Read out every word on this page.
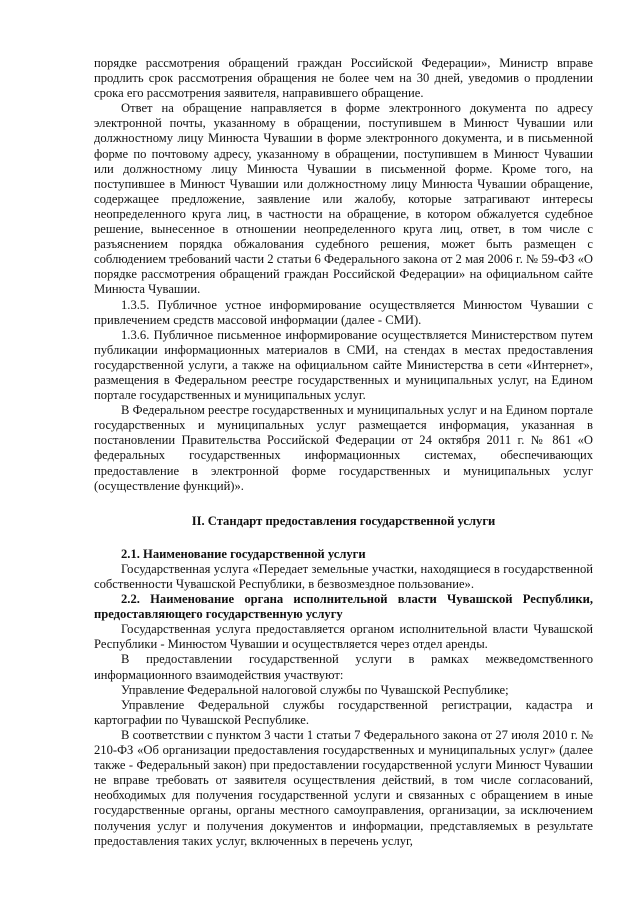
порядке рассмотрения обращений граждан Российской Федерации», Министр вправе продлить срок рассмотрения обращения не более чем на 30 дней, уведомив о продлении срока его рассмотрения заявителя, направившего обращение.

Ответ на обращение направляется в форме электронного документа по адресу электронной почты, указанному в обращении, поступившем в Минюст Чувашии или должностному лицу Минюста Чувашии в форме электронного документа, и в письменной форме по почтовому адресу, указанному в обращении, поступившем в Минюст Чувашии или должностному лицу Минюста Чувашии в письменной форме. Кроме того, на поступившее в Минюст Чувашии или должностному лицу Минюста Чувашии обращение, содержащее предложение, заявление или жалобу, которые затрагивают интересы неопределенного круга лиц, в частности на обращение, в котором обжалуется судебное решение, вынесенное в отношении неопределенного круга лиц, ответ, в том числе с разъяснением порядка обжалования судебного решения, может быть размещен с соблюдением требований части 2 статьи 6 Федерального закона от 2 мая 2006 г. № 59-ФЗ «О порядке рассмотрения обращений граждан Российской Федерации» на официальном сайте Минюста Чувашии.

1.3.5. Публичное устное информирование осуществляется Минюстом Чувашии с привлечением средств массовой информации (далее - СМИ).

1.3.6. Публичное письменное информирование осуществляется Министерством путем публикации информационных материалов в СМИ, на стендах в местах предоставления государственной услуги, а также на официальном сайте Министерства в сети «Интернет», размещения в Федеральном реестре государственных и муниципальных услуг, на Едином портале государственных и муниципальных услуг.

В Федеральном реестре государственных и муниципальных услуг и на Едином портале государственных и муниципальных услуг размещается информация, указанная в постановлении Правительства Российской Федерации от 24 октября 2011 г. № 861 «О федеральных государственных информационных системах, обеспечивающих предоставление в электронной форме государственных и муниципальных услуг (осуществление функций)».

II. Стандарт предоставления государственной услуги

2.1. Наименование государственной услуги

Государственная услуга «Передает земельные участки, находящиеся в государственной собственности Чувашской Республики, в безвозмездное пользование».

2.2. Наименование органа исполнительной власти Чувашской Республики, предоставляющего государственную услугу

Государственная услуга предоставляется органом исполнительной власти Чувашской Республики - Минюстом Чувашии и осуществляется через отдел аренды.

В предоставлении государственной услуги в рамках межведомственного информационного взаимодействия участвуют:

Управление Федеральной налоговой службы по Чувашской Республике;

Управление Федеральной службы государственной регистрации, кадастра и картографии по Чувашской Республике.

В соответствии с пунктом 3 части 1 статьи 7 Федерального закона от 27 июля 2010 г. № 210-ФЗ «Об организации предоставления государственных и муниципальных услуг» (далее также - Федеральный закон) при предоставлении государственной услуги Минюст Чувашии не вправе требовать от заявителя осуществления действий, в том числе согласований, необходимых для получения государственной услуги и связанных с обращением в иные государственные органы, органы местного самоуправления, организации, за исключением получения услуг и получения документов и информации, представляемых в результате предоставления таких услуг, включенных в перечень услуг,
